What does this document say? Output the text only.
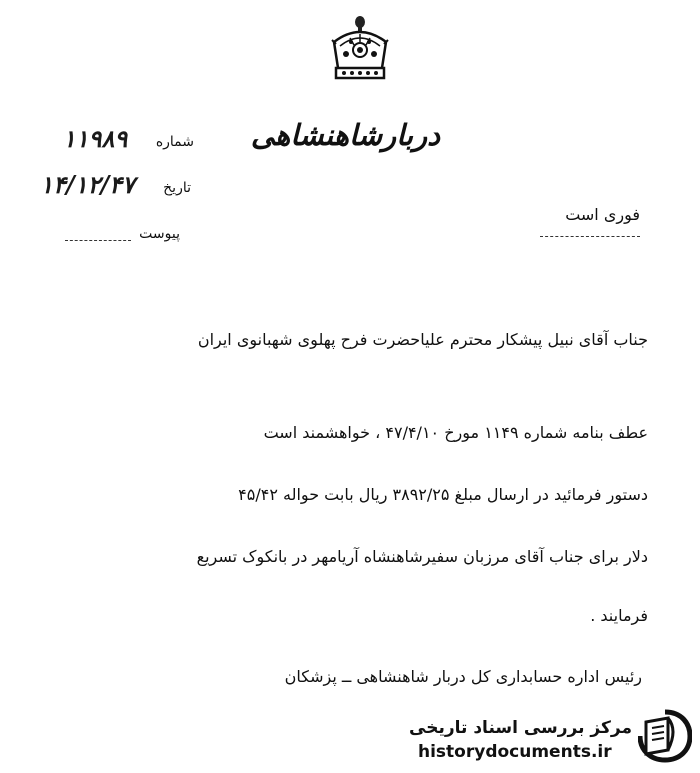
دربارشاهنشاهی
شماره
۱۱۹۸۹
تاریخ
۱۴/۱۲/۴۷
پیوست
فوری است
جناب آقای نبیل پیشکار محترم علیاحضرت فرح پهلوی شهبانوی ایران
عطف بنامه شماره ۱۱۴۹ مورخ ۴۷/۴/۱۰ ، خواهشمند است
دستور فرمائید در ارسال مبلغ ۳۸۹۲/۲۵ ریال بابت حواله ۴۵/۴۲
دلار برای جناب آقای مرزبان سفیرشاهنشاه آریامهر در بانکوک تسریع
فرمایند .
رئیس اداره حسابداری کل دربار شاهنشاهی ــ پزشکان
مرکز بررسی اسناد تاریخی
historydocuments.ir
